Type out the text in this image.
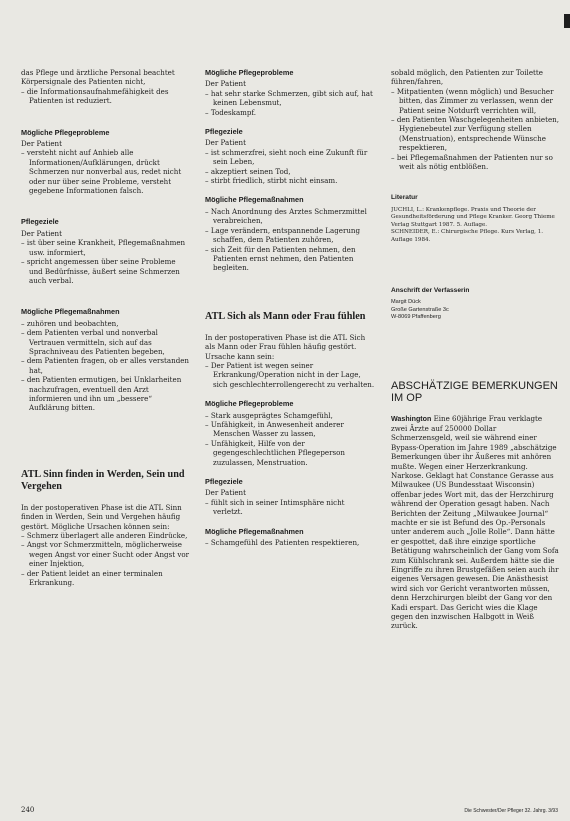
das Pflege und ärztliche Personal beachtet Körpersignale des Patienten nicht,

– die Informationsaufnahmefähigkeit des Patienten ist reduziert.
Mögliche Pflegeprobleme

Der Patient

– versteht nicht auf Anhieb alle Informationen/Aufklärungen, drückt Schmerzen nur nonverbal aus, redet nicht oder nur über seine Probleme, versteht gegebene Informationen falsch.
Pflegeziele

Der Patient

– ist über seine Krankheit, Pflegemaßnahmen usw. informiert,
– spricht angemessen über seine Probleme und Bedürfnisse, äußert seine Schmerzen auch verbal.
Mögliche Pflegemaßnahmen
– zuhören und beobachten,
– dem Patienten verbal und nonverbal Vertrauen vermitteln, sich auf das Sprachniveau des Patienten begeben,
– dem Patienten fragen, ob er alles verstanden hat,
– den Patienten ermutigen, bei Unklarheiten nachzufragen, eventuell den Arzt informieren und ihn um „bessere“ Aufklärung bitten.
ATL Sinn finden in Werden, Sein und Vergehen

In der postoperativen Phase ist die ATL Sinn finden in Werden, Sein und Vergehen häufig gestört. Mögliche Ursachen können sein:

– Schmerz überlagert alle anderen Eindrücke,
– Angst vor Schmerzmitteln, möglicherweise wegen Angst vor einer Sucht oder Angst vor einer Injektion,
– der Patient leidet an einer terminalen Erkrankung.
Mögliche Pflegeprobleme

Der Patient

– hat sehr starke Schmerzen, gibt sich auf, hat keinen Lebensmut,
– Todeskampf.
Pflegeziele

Der Patient

– ist schmerzfrei, sieht noch eine Zukunft für sein Leben,
– akzeptiert seinen Tod,
– stirbt friedlich, stirbt nicht einsam.
Mögliche Pflegemaßnahmen
– Nach Anordnung des Arztes Schmerzmittel verabreichen,
– Lage verändern, entspannende Lagerung schaffen, dem Patienten zuhören,
– sich Zeit für den Patienten nehmen, den Patienten ernst nehmen, den Patienten begleiten.
ATL Sich als Mann oder Frau fühlen

In der postoperativen Phase ist die ATL Sich als Mann oder Frau fühlen häufig gestört. Ursache kann sein:

– Der Patient ist wegen seiner Erkrankung/Operation nicht in der Lage, sich geschlechterrollengerecht zu verhalten.
Mögliche Pflegeprobleme
– Stark ausgeprägtes Schamgefühl,
– Unfähigkeit, in Anwesenheit anderer Menschen Wasser zu lassen,
– Unfähigkeit, Hilfe von der gegengeschlechtlichen Pflegeperson zuzulassen, Menstruation.
Pflegeziele

Der Patient

– fühlt sich in seiner Intimsphäre nicht verletzt.
Mögliche Pflegemaßnahmen
– Schamgefühl des Patienten respektieren,

sobald möglich, den Patienten zur Toilette führen/fahren,

– Mitpatienten (wenn möglich) und Besucher bitten, das Zimmer zu verlassen, wenn der Patient seine Notdurft verrichten will,
– den Patienten Waschgelegenheiten anbieten, Hygienebeutel zur Verfügung stellen (Menstruation), entsprechende Wünsche respektieren,
– bei Pflegemaßnahmen der Patienten nur so weit als nötig entblößen.
Literatur

JUCHLI, L.: Krankenpflege. Praxis und Theorie der Gesundheitsförderung und Pflege Kranker. Georg Thieme Verlag Stuttgart 1987. 5. Auflage.

SCHNEIDER, E.: Chirurgische Pflege. Kurs Verlag, 1. Auflage 1984.

Anschrift der Verfasserin

Margit Dück

Große Gartenstraße 3c

W-8069 Pfaffenberg

ABSCHÄTZIGE BEMERKUNGEN IM OP

Washington Eine 60jährige Frau verklagte zwei Ärzte auf 250000 Dollar Schmerzensgeld, weil sie während einer Bypass-Operation im Jahre 1989 „abschätzige Bemerkungen über ihr Äußeres mit anhören mußte. Wegen einer Herzerkrankung. Narkose. Geklagt hat Constance Gerasse aus Milwaukee (US Bundesstaat Wisconsin) offenbar jedes Wort mit, das der Herzchirurg während der Operation gesagt haben. Nach Berichten der Zeitung „Milwaukee Journal“ machte er sie ist Befund des Op.-Personals unter anderem auch „Jolle Rolle“. Dann hätte er gespottet, daß ihre einzige sportliche Betätigung wahrscheinlich der Gang vom Sofa zum Kühlschrank sei. Außerdem hätte sie die Eingriffe zu ihren Brustgefäßen seien auch ihr eigenes Versagen gewesen. Die Anästhesist wird sich vor Gericht verantworten müssen, denn Herzchirurgen bleibt der Gang vor den Kadi erspart. Das Gericht wies die Klage gegen den inzwischen Halbgott in Weiß zurück.

240	Die Schwester/Der Pfleger 32. Jahrg. 3/93
